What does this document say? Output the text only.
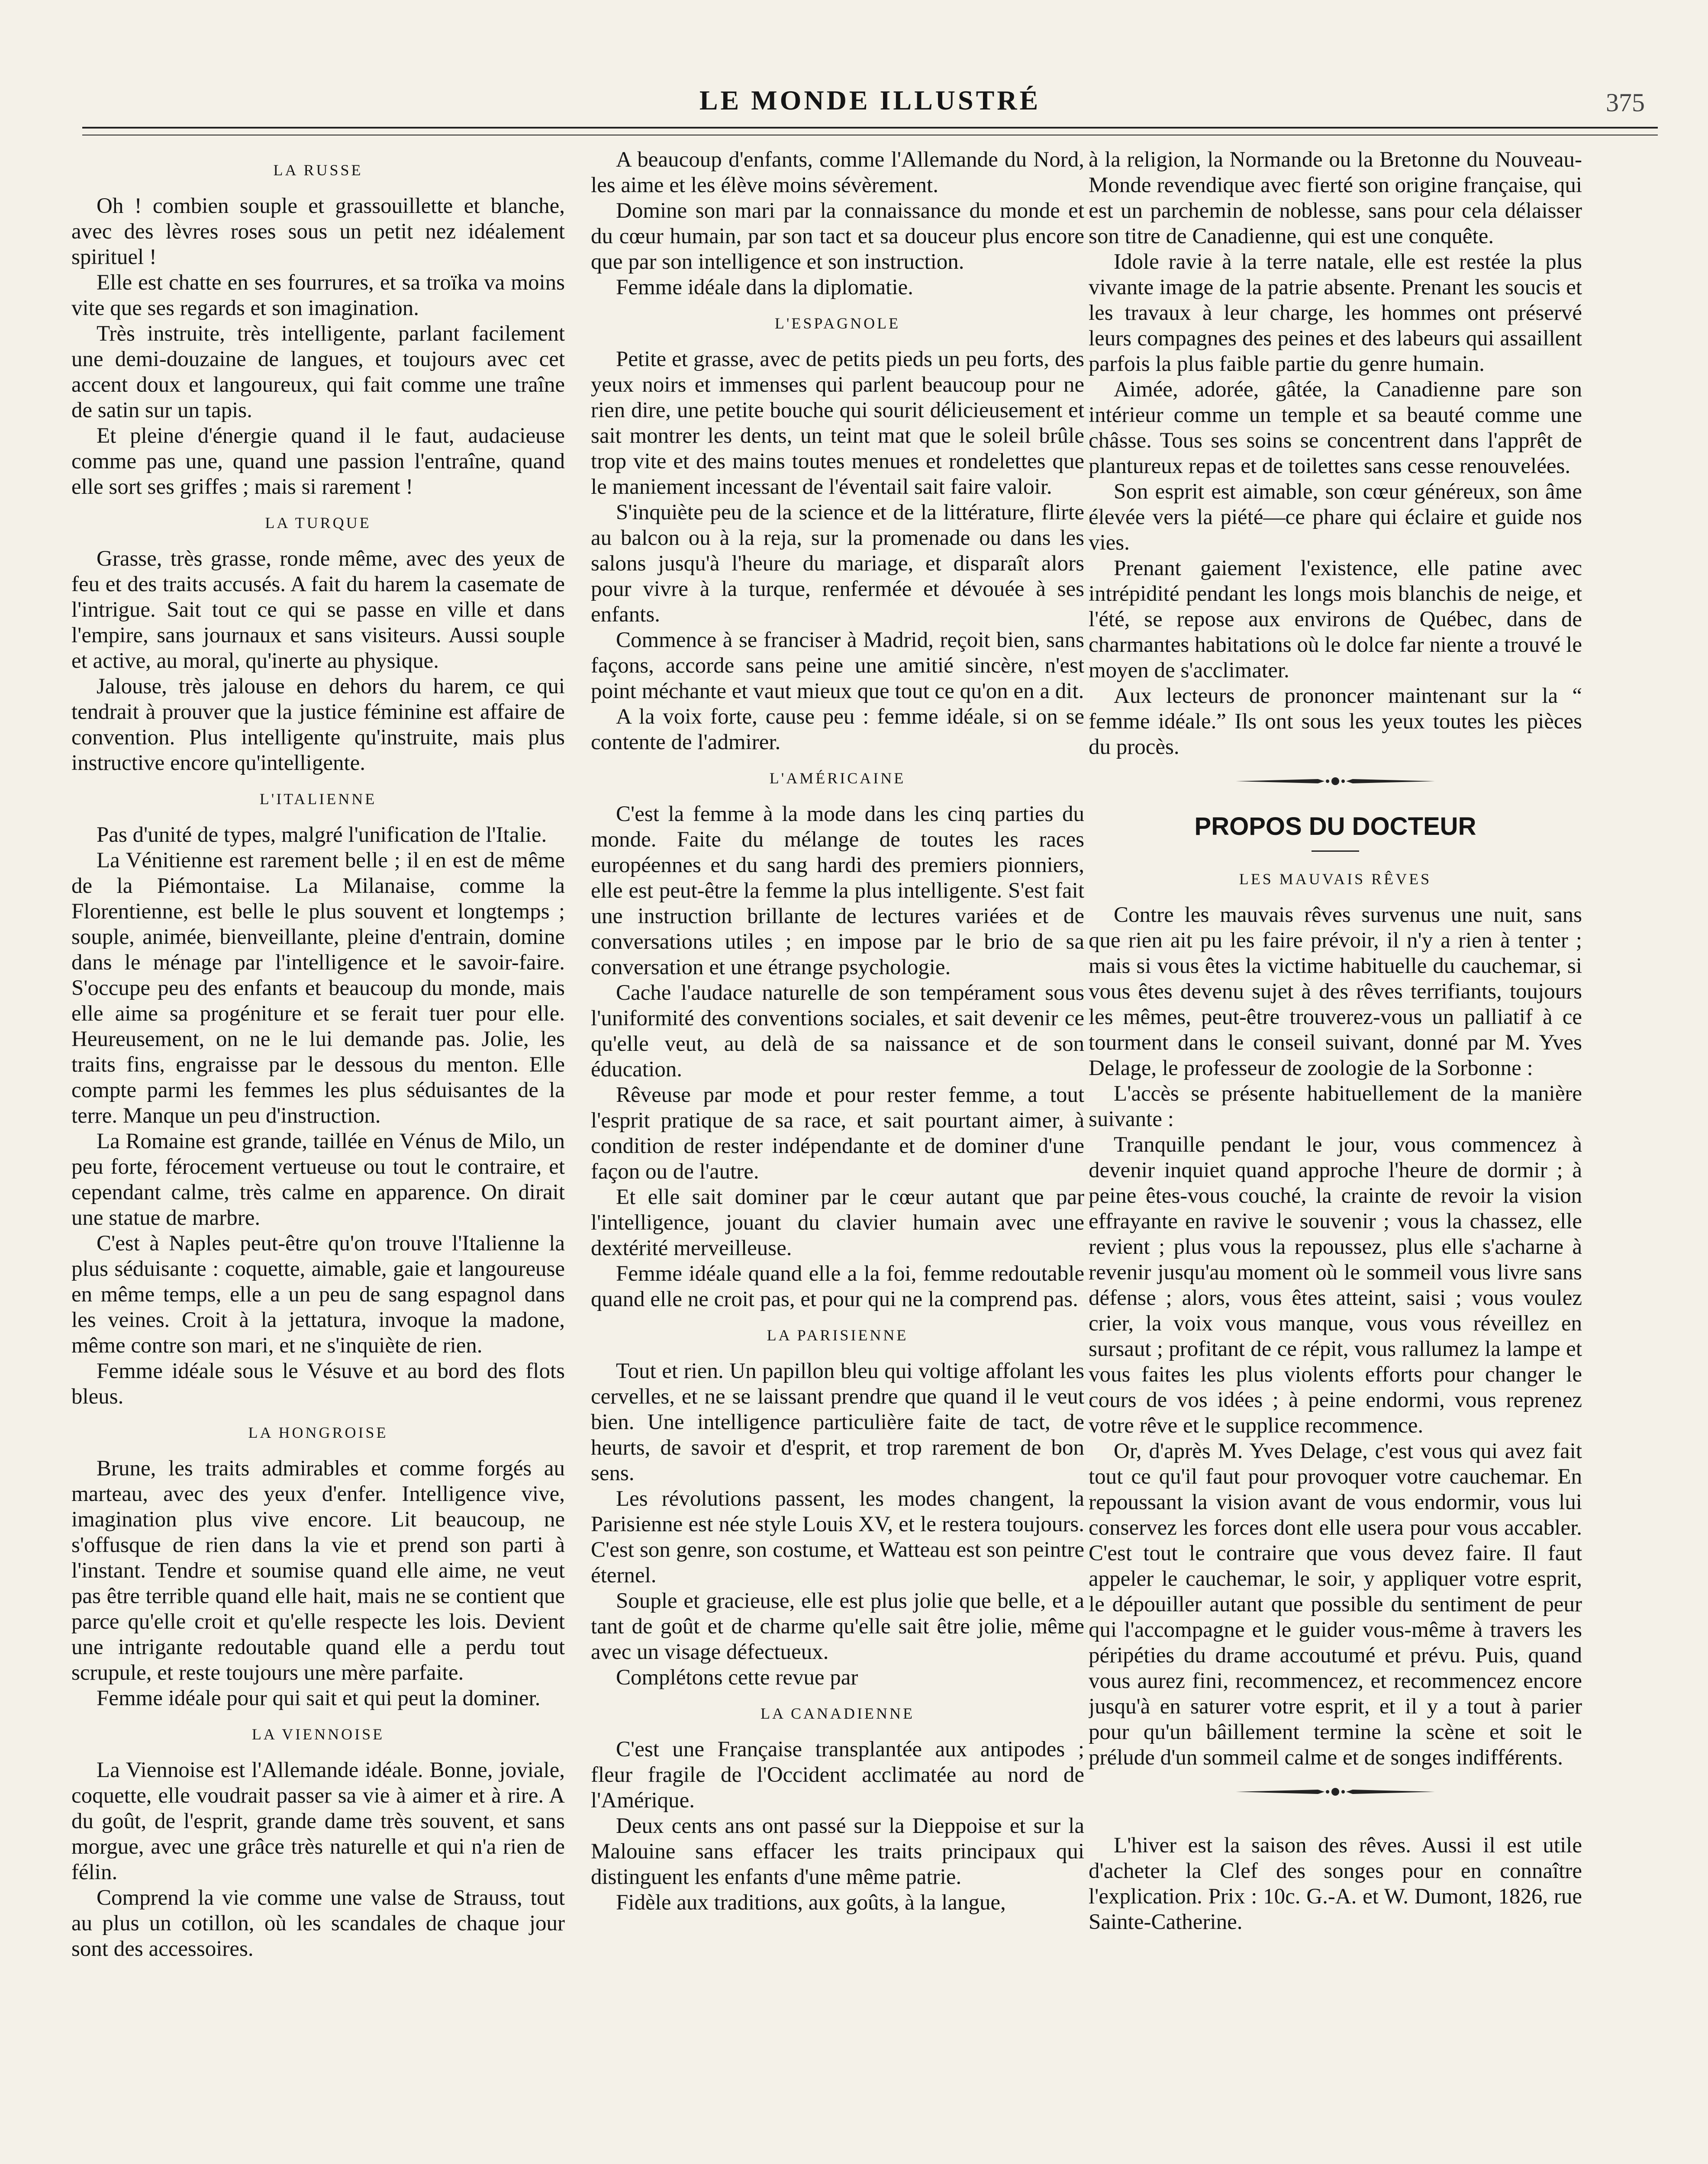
LE MONDE ILLUSTRÉ	375
LA RUSSE

Oh ! combien souple et grassouillette et blanche, avec des lèvres roses sous un petit nez idéalement spirituel !

Elle est chatte en ses fourrures, et sa troïka va moins vite que ses regards et son imagination.

Très instruite, très intelligente, parlant facilement une demi-douzaine de langues, et toujours avec cet accent doux et langoureux, qui fait comme une traîne de satin sur un tapis.

Et pleine d'énergie quand il le faut, audacieuse comme pas une, quand une passion l'entraîne, quand elle sort ses griffes ; mais si rarement !

LA TURQUE

Grasse, très grasse, ronde même, avec des yeux de feu et des traits accusés. A fait du harem la casemate de l'intrigue. Sait tout ce qui se passe en ville et dans l'empire, sans journaux et sans visiteurs. Aussi souple et active, au moral, qu'inerte au physique.

Jalouse, très jalouse en dehors du harem, ce qui tendrait à prouver que la justice féminine est affaire de convention. Plus intelligente qu'instruite, mais plus instructive encore qu'intelligente.

L'ITALIENNE

Pas d'unité de types, malgré l'unification de l'Italie.

La Vénitienne est rarement belle ; il en est de même de la Piémontaise. La Milanaise, comme la Florentienne, est belle le plus souvent et longtemps ; souple, animée, bienveillante, pleine d'entrain, domine dans le ménage par l'intelligence et le savoir-faire. S'occupe peu des enfants et beaucoup du monde, mais elle aime sa progéniture et se ferait tuer pour elle. Heureusement, on ne le lui demande pas. Jolie, les traits fins, engraisse par le dessous du menton. Elle compte parmi les femmes les plus séduisantes de la terre. Manque un peu d'instruction.

La Romaine est grande, taillée en Vénus de Milo, un peu forte, férocement vertueuse ou tout le contraire, et cependant calme, très calme en apparence. On dirait une statue de marbre.

C'est à Naples peut-être qu'on trouve l'Italienne la plus séduisante : coquette, aimable, gaie et langoureuse en même temps, elle a un peu de sang espagnol dans les veines. Croit à la jettatura, invoque la madone, même contre son mari, et ne s'inquiète de rien.

Femme idéale sous le Vésuve et au bord des flots bleus.

LA HONGROISE

Brune, les traits admirables et comme forgés au marteau, avec des yeux d'enfer. Intelligence vive, imagination plus vive encore. Lit beaucoup, ne s'offusque de rien dans la vie et prend son parti à l'instant. Tendre et soumise quand elle aime, ne veut pas être terrible quand elle hait, mais ne se contient que parce qu'elle croit et qu'elle respecte les lois. Devient une intrigante redoutable quand elle a perdu tout scrupule, et reste toujours une mère parfaite.

Femme idéale pour qui sait et qui peut la dominer.

LA VIENNOISE

La Viennoise est l'Allemande idéale. Bonne, joviale, coquette, elle voudrait passer sa vie à aimer et à rire. A du goût, de l'esprit, grande dame très souvent, et sans morgue, avec une grâce très naturelle et qui n'a rien de félin.

Comprend la vie comme une valse de Strauss, tout au plus un cotillon, où les scandales de chaque jour sont des accessoires.

A beaucoup d'enfants, comme l'Allemande du Nord, les aime et les élève moins sévèrement.

Domine son mari par la connaissance du monde et du cœur humain, par son tact et sa douceur plus encore que par son intelligence et son instruction.

Femme idéale dans la diplomatie.

L'ESPAGNOLE

Petite et grasse, avec de petits pieds un peu forts, des yeux noirs et immenses qui parlent beaucoup pour ne rien dire, une petite bouche qui sourit délicieusement et sait montrer les dents, un teint mat que le soleil brûle trop vite et des mains toutes menues et rondelettes que le maniement incessant de l'éventail sait faire valoir.

S'inquiète peu de la science et de la littérature, flirte au balcon ou à la reja, sur la promenade ou dans les salons jusqu'à l'heure du mariage, et disparaît alors pour vivre à la turque, renfermée et dévouée à ses enfants.

Commence à se franciser à Madrid, reçoit bien, sans façons, accorde sans peine une amitié sincère, n'est point méchante et vaut mieux que tout ce qu'on en a dit.

A la voix forte, cause peu : femme idéale, si on se contente de l'admirer.

L'AMÉRICAINE

C'est la femme à la mode dans les cinq parties du monde. Faite du mélange de toutes les races européennes et du sang hardi des premiers pionniers, elle est peut-être la femme la plus intelligente. S'est fait une instruction brillante de lectures variées et de conversations utiles ; en impose par le brio de sa conversation et une étrange psychologie.

Cache l'audace naturelle de son tempérament sous l'uniformité des conventions sociales, et sait devenir ce qu'elle veut, au delà de sa naissance et de son éducation.

Rêveuse par mode et pour rester femme, a tout l'esprit pratique de sa race, et sait pourtant aimer, à condition de rester indépendante et de dominer d'une façon ou de l'autre.

Et elle sait dominer par le cœur autant que par l'intelligence, jouant du clavier humain avec une dextérité merveilleuse.

Femme idéale quand elle a la foi, femme redoutable quand elle ne croit pas, et pour qui ne la comprend pas.

LA PARISIENNE

Tout et rien. Un papillon bleu qui voltige affolant les cervelles, et ne se laissant prendre que quand il le veut bien. Une intelligence particulière faite de tact, de heurts, de savoir et d'esprit, et trop rarement de bon sens.

Les révolutions passent, les modes changent, la Parisienne est née style Louis XV, et le restera toujours. C'est son genre, son costume, et Watteau est son peintre éternel.

Souple et gracieuse, elle est plus jolie que belle, et a tant de goût et de charme qu'elle sait être jolie, même avec un visage défectueux.

Complétons cette revue par

LA CANADIENNE

C'est une Française transplantée aux antipodes ; fleur fragile de l'Occident acclimatée au nord de l'Amérique.

Deux cents ans ont passé sur la Dieppoise et sur la Malouine sans effacer les traits principaux qui distinguent les enfants d'une même patrie.

Fidèle aux traditions, aux goûts, à la langue,

à la religion, la Normande ou la Bretonne du Nouveau-Monde revendique avec fierté son origine française, qui est un parchemin de noblesse, sans pour cela délaisser son titre de Canadienne, qui est une conquête.

Idole ravie à la terre natale, elle est restée la plus vivante image de la patrie absente. Prenant les soucis et les travaux à leur charge, les hommes ont préservé leurs compagnes des peines et des labeurs qui assaillent parfois la plus faible partie du genre humain.

Aimée, adorée, gâtée, la Canadienne pare son intérieur comme un temple et sa beauté comme une châsse. Tous ses soins se concentrent dans l'apprêt de plantureux repas et de toilettes sans cesse renouvelées.

Son esprit est aimable, son cœur généreux, son âme élevée vers la piété—ce phare qui éclaire et guide nos vies.

Prenant gaiement l'existence, elle patine avec intrépidité pendant les longs mois blanchis de neige, et l'été, se repose aux environs de Québec, dans de charmantes habitations où le dolce far niente a trouvé le moyen de s'acclimater.

Aux lecteurs de prononcer maintenant sur la “ femme idéale.” Ils ont sous les yeux toutes les pièces du procès.

PROPOS DU DOCTEUR
LES MAUVAIS RÊVES

Contre les mauvais rêves survenus une nuit, sans que rien ait pu les faire prévoir, il n'y a rien à tenter ; mais si vous êtes la victime habituelle du cauchemar, si vous êtes devenu sujet à des rêves terrifiants, toujours les mêmes, peut-être trouverez-vous un palliatif à ce tourment dans le conseil suivant, donné par M. Yves Delage, le professeur de zoologie de la Sorbonne :

L'accès se présente habituellement de la manière suivante :

Tranquille pendant le jour, vous commencez à devenir inquiet quand approche l'heure de dormir ; à peine êtes-vous couché, la crainte de revoir la vision effrayante en ravive le souvenir ; vous la chassez, elle revient ; plus vous la repoussez, plus elle s'acharne à revenir jusqu'au moment où le sommeil vous livre sans défense ; alors, vous êtes atteint, saisi ; vous voulez crier, la voix vous manque, vous vous réveillez en sursaut ; profitant de ce répit, vous rallumez la lampe et vous faites les plus violents efforts pour changer le cours de vos idées ; à peine endormi, vous reprenez votre rêve et le supplice recommence.

Or, d'après M. Yves Delage, c'est vous qui avez fait tout ce qu'il faut pour provoquer votre cauchemar. En repoussant la vision avant de vous endormir, vous lui conservez les forces dont elle usera pour vous accabler. C'est tout le contraire que vous devez faire. Il faut appeler le cauchemar, le soir, y appliquer votre esprit, le dépouiller autant que possible du sentiment de peur qui l'accompagne et le guider vous-même à travers les péripéties du drame accoutumé et prévu. Puis, quand vous aurez fini, recommencez, et recommencez encore jusqu'à en saturer votre esprit, et il y a tout à parier pour qu'un bâillement termine la scène et soit le prélude d'un sommeil calme et de songes indifférents.

L'hiver est la saison des rêves. Aussi il est utile d'acheter la Clef des songes pour en connaître l'explication. Prix : 10c. G.-A. et W. Dumont, 1826, rue Sainte-Catherine.
